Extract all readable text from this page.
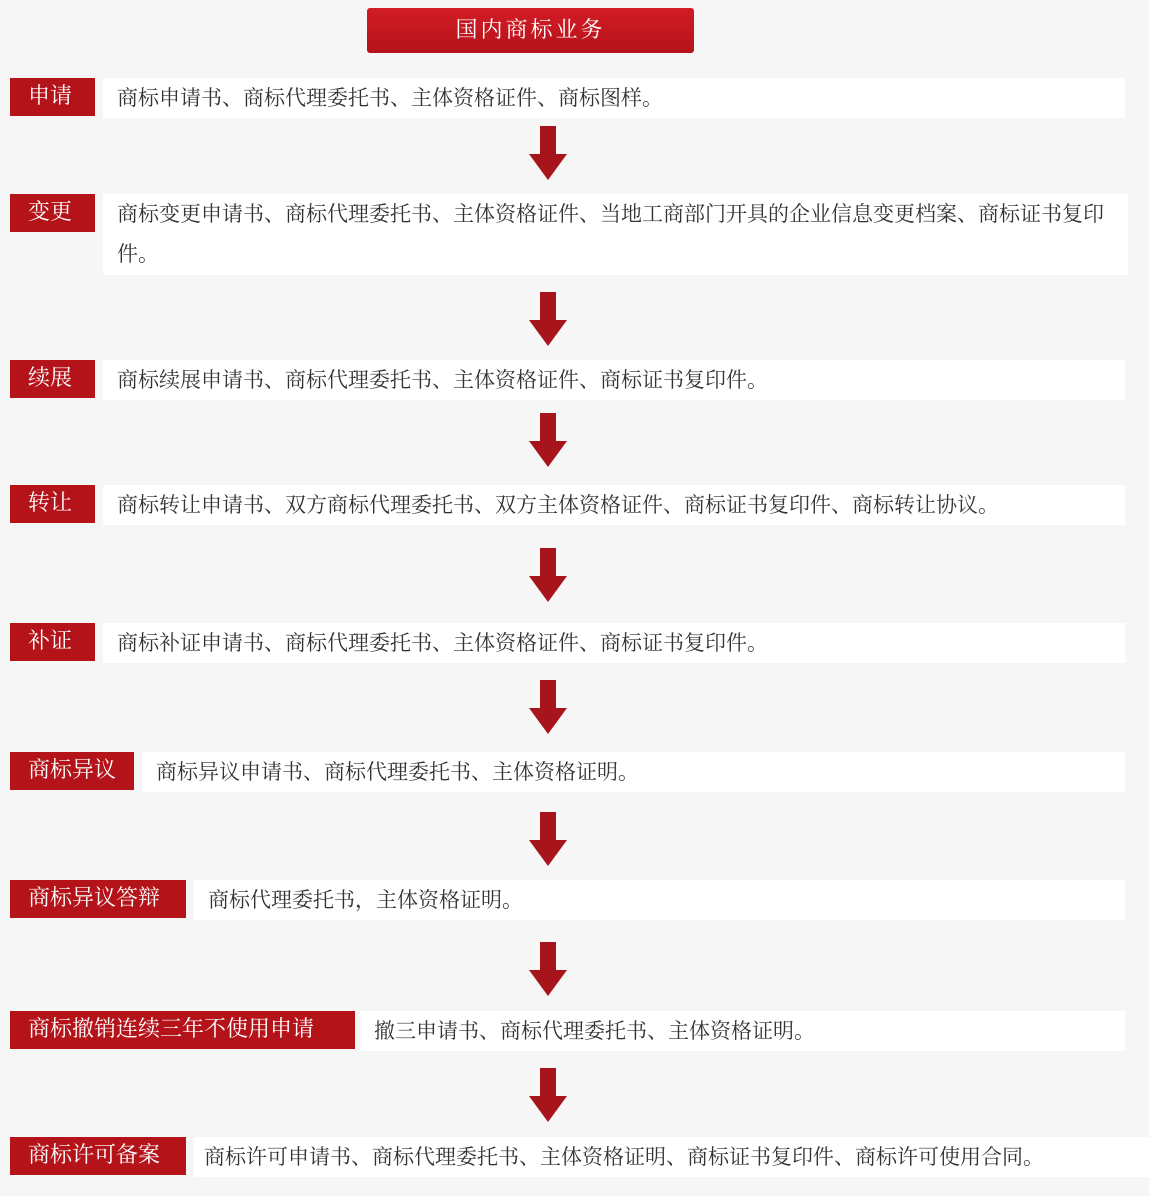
国内商标业务
商标申请书、商标代理委托书、主体资格证件、商标图样。
申请
商标变更申请书、商标代理委托书、主体资格证件、当地工商部门开具的企业信息变更档案、商标证书复印件。
变更
商标续展申请书、商标代理委托书、主体资格证件、商标证书复印件。
续展
商标转让申请书、双方商标代理委托书、双方主体资格证件、商标证书复印件、商标转让协议。
转让
商标补证申请书、商标代理委托书、主体资格证件、商标证书复印件。
补证
商标异议申请书、商标代理委托书、主体资格证明。
商标异议
商标代理委托书，主体资格证明。
商标异议答辩
撤三申请书、商标代理委托书、主体资格证明。
商标撤销连续三年不使用申请
商标许可申请书、商标代理委托书、主体资格证明、商标证书复印件、商标许可使用合同。
商标许可备案
